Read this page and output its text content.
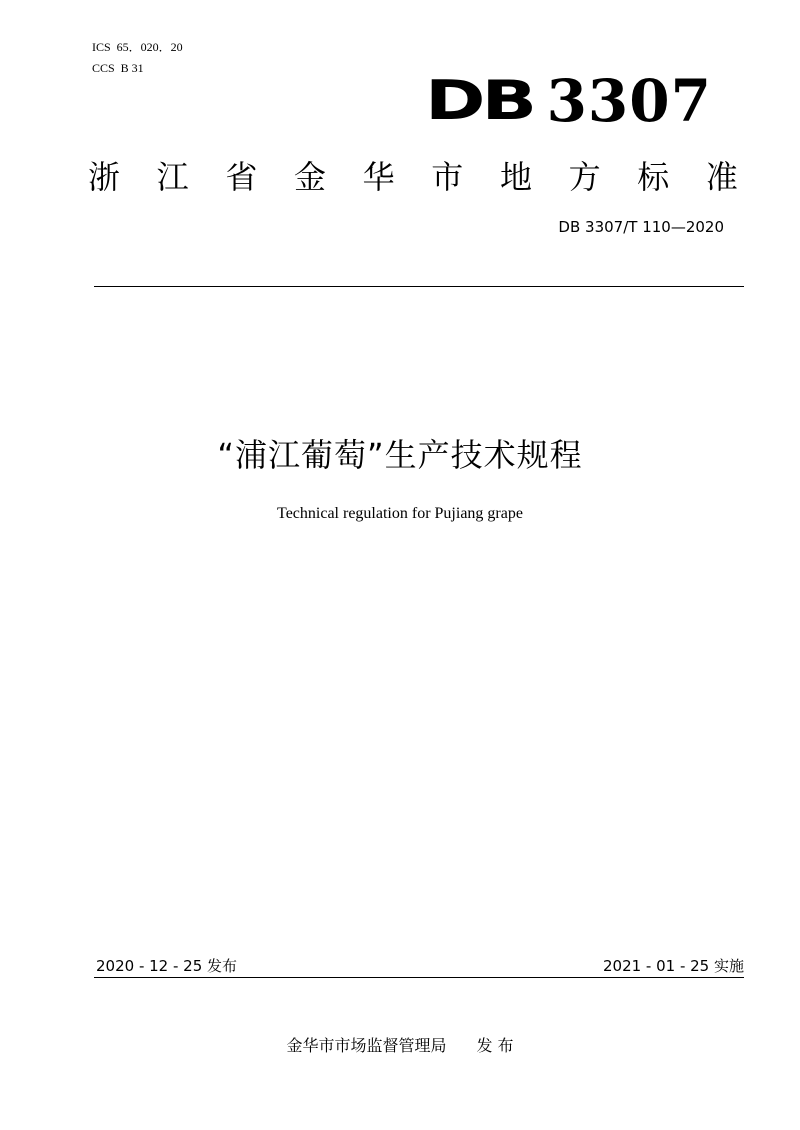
ICS  65．020．20
CCS  B 31
DB 3307
浙 江 省 金 华 市 地 方 标 准
DB 3307/T 110—2020
“浦江葡萄”生产技术规程
Technical regulation for Pujiang grape
2020 - 12 - 25 发布	2021 - 01 - 25 实施
金华市市场监督管理局 发 布
